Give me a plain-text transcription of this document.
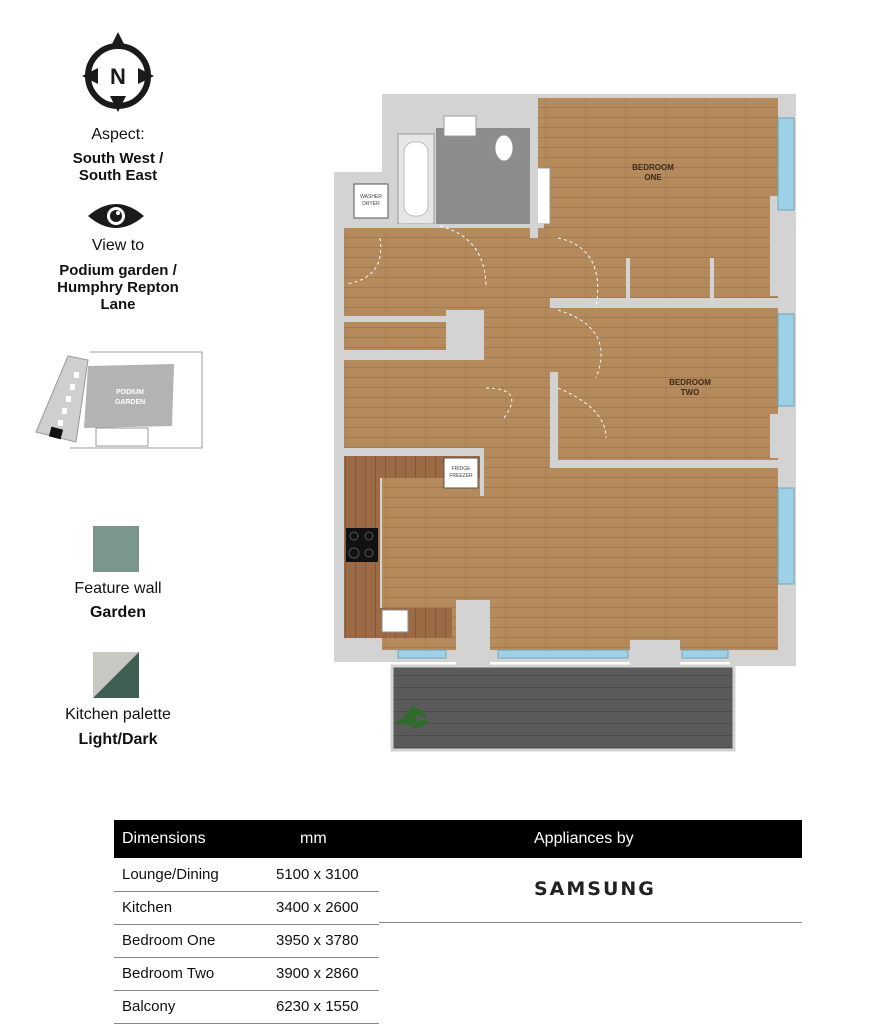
N
Aspect:
South West /
South East
View to
Podium garden /
Humphry Repton
Lane
PODIUM
GARDEN
Feature wall
Garden
Kitchen palette
Light/Dark
WASHER
DRYER
FRIDGE
FREEZER
BEDROOM
ONE
BEDROOM
TWO
Dimensions	mm	Appliances by
Lounge/Dining	5100 x 3100
Kitchen	3400 x 2600
Bedroom One	3950 x 3780
Bedroom Two	3900 x 2860
Balcony	6230 x 1550
SAMSUNG
